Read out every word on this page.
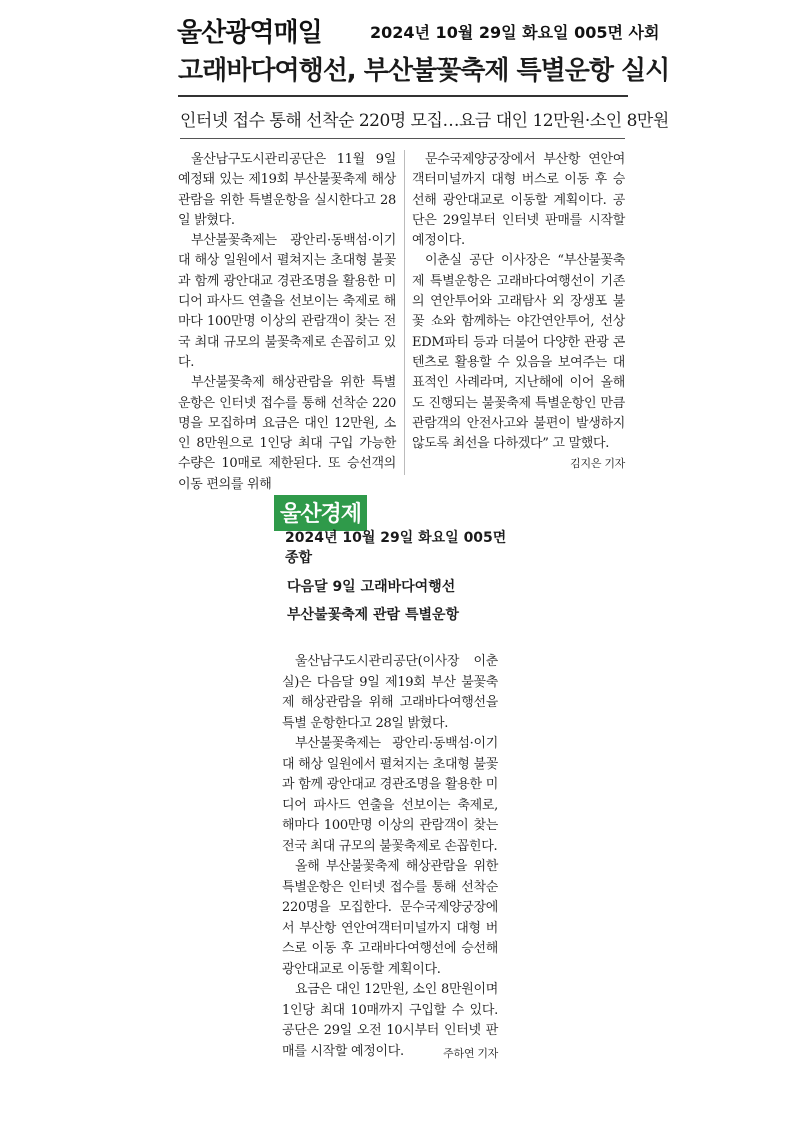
울산광역매일	2024년 10월 29일 화요일 005면 사회
고래바다여행선, 부산불꽃축제 특별운항 실시
인터넷 접수 통해 선착순 220명 모집…요금 대인 12만원·소인 8만원

울산남구도시관리공단은 11월 9일 예정돼 있는 제19회 부산불꽃축제 해상관람을 위한 특별운항을 실시한다고 28일 밝혔다.

부산불꽃축제는 광안리·동백섬·이기대 해상 일원에서 펼쳐지는 초대형 불꽃과 함께 광안대교 경관조명을 활용한 미디어 파사드 연출을 선보이는 축제로 해마다 100만명 이상의 관람객이 찾는 전국 최대 규모의 불꽃축제로 손꼽히고 있다.

부산불꽃축제 해상관람을 위한 특별운항은 인터넷 접수를 통해 선착순 220명을 모집하며 요금은 대인 12만원, 소인 8만원으로 1인당 최대 구입 가능한 수량은 10매로 제한된다. 또 승선객의 이동 편의를 위해

문수국제양궁장에서 부산항 연안여객터미널까지 대형 버스로 이동 후 승선해 광안대교로 이동할 계획이다. 공단은 29일부터 인터넷 판매를 시작할 예정이다.

이춘실 공단 이사장은 “부산불꽃축제 특별운항은 고래바다여행선이 기존의 연안투어와 고래탐사 외 장생포 불꽃 쇼와 함께하는 야간연안투어, 선상EDM파티 등과 더불어 다양한 관광 콘텐츠로 활용할 수 있음을 보여주는 대표적인 사례라며, 지난해에 이어 올해도 진행되는 불꽃축제 특별운항인 만큼 관람객의 안전사고와 불편이 발생하지 않도록 최선을 다하겠다” 고 말했다.

김지은 기자
울산경제
2024년 10월 29일 화요일 005면 종합
다음달 9일 고래바다여행선
부산불꽃축제 관람 특별운항

울산남구도시관리공단(이사장 이춘실)은 다음달 9일 제19회 부산 불꽃축제 해상관람을 위해 고래바다여행선을 특별 운항한다고 28일 밝혔다.

부산불꽃축제는 광안리·동백섬·이기대 해상 일원에서 펼쳐지는 초대형 불꽃과 함께 광안대교 경관조명을 활용한 미디어 파사드 연출을 선보이는 축제로, 해마다 100만명 이상의 관람객이 찾는 전국 최대 규모의 불꽃축제로 손꼽힌다.

올해 부산불꽃축제 해상관람을 위한 특별운항은 인터넷 접수를 통해 선착순 220명을 모집한다. 문수국제양궁장에서 부산항 연안여객터미널까지 대형 버스로 이동 후 고래바다여행선에 승선해 광안대교로 이동할 계획이다.

요금은 대인 12만원, 소인 8만원이며 1인당 최대 10매까지 구입할 수 있다. 공단은 29일 오전 10시부터 인터넷 판매를 시작할 예정이다.	주하연 기자
